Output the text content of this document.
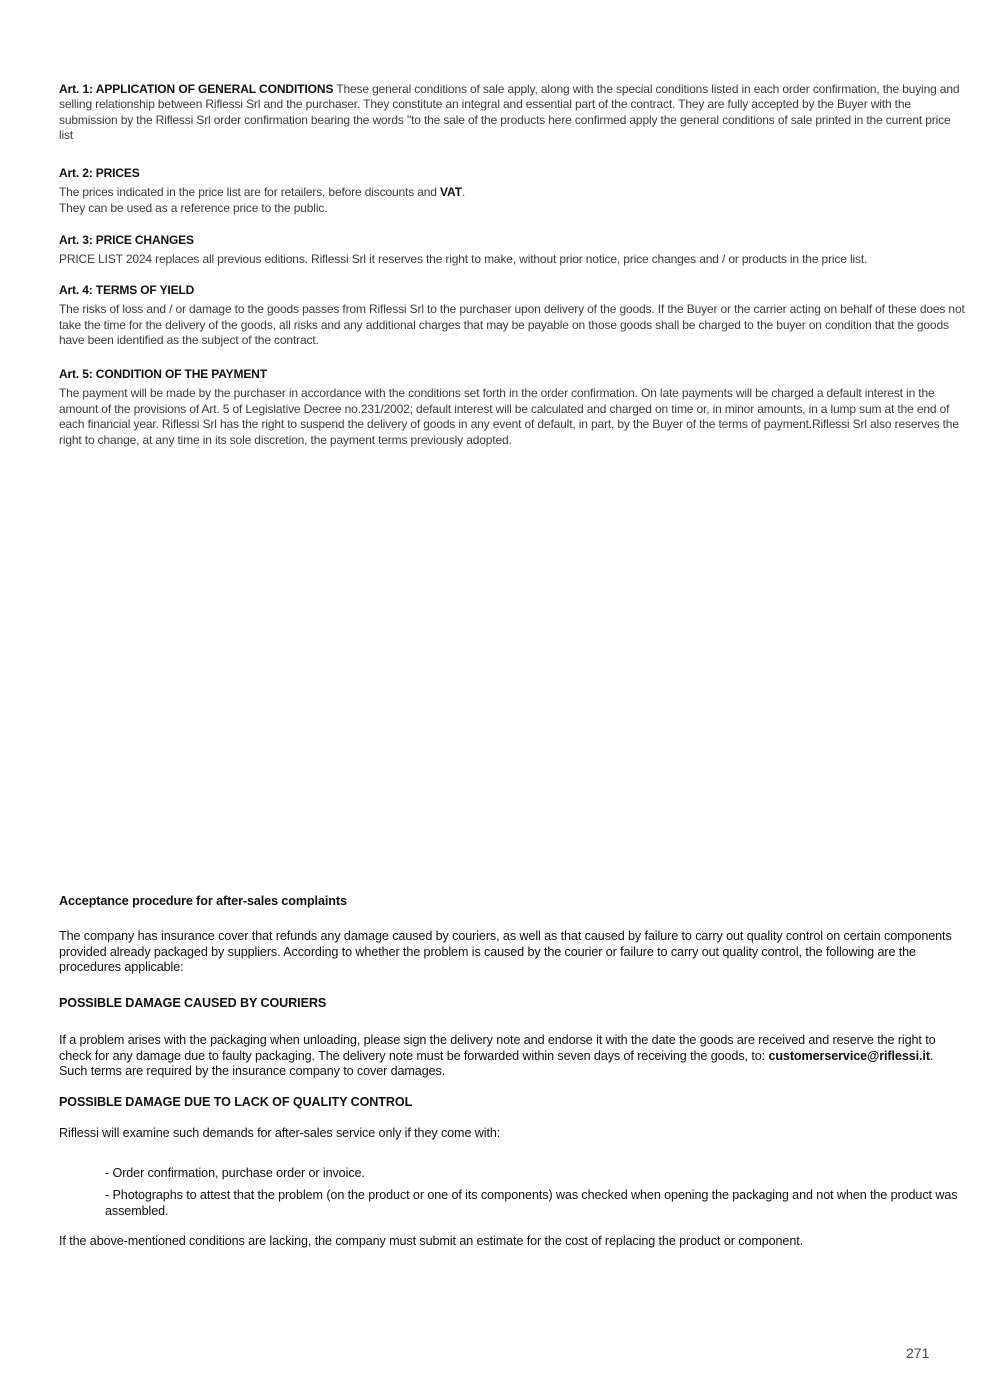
Art. 1: APPLICATION OF GENERAL CONDITIONS These general conditions of sale apply, along with the special conditions listed in each order confirmation, the buying and selling relationship between Riflessi Srl and the purchaser. They constitute an integral and essential part of the contract. They are fully accepted by the Buyer with the submission by the Riflessi Srl order confirmation bearing the words "to the sale of the products here confirmed apply the general conditions of sale printed in the current price list

Art. 2: PRICES

The prices indicated in the price list are for retailers, before discounts and VAT.

They can be used as a reference price to the public.

Art. 3: PRICE CHANGES

PRICE LIST 2024 replaces all previous editions. Riflessi Srl it reserves the right to make, without prior notice, price changes and / or products in the price list.

Art. 4: TERMS OF YIELD

The risks of loss and / or damage to the goods passes from Riflessi Srl to the purchaser upon delivery of the goods. If the Buyer or the carrier acting on behalf of these does not take the time for the delivery of the goods, all risks and any additional charges that may be payable on those goods shall be charged to the buyer on condition that the goods have been identified as the subject of the contract.

Art. 5: CONDITION OF THE PAYMENT

The payment will be made by the purchaser in accordance with the conditions set forth in the order confirmation. On late payments will be charged a default interest in the amount of the provisions of Art. 5 of Legislative Decree no.231/2002; default interest will be calculated and charged on time or, in minor amounts, in a lump sum at the end of each financial year. Riflessi Srl has the right to suspend the delivery of goods in any event of default, in part, by the Buyer of the terms of payment.Riflessi Srl also reserves the right to change, at any time in its sole discretion, the payment terms previously adopted.

Acceptance procedure for after-sales complaints

The company has insurance cover that refunds any damage caused by couriers, as well as that caused by failure to carry out quality control on certain components provided already packaged by suppliers. According to whether the problem is caused by the courier or failure to carry out quality control, the following are the procedures applicable:

POSSIBLE DAMAGE CAUSED BY COURIERS

If a problem arises with the packaging when unloading, please sign the delivery note and endorse it with the date the goods are received and reserve the right to check for any damage due to faulty packaging. The delivery note must be forwarded within seven days of receiving the goods, to: customerservice@riflessi.it. Such terms are required by the insurance company to cover damages.

POSSIBLE DAMAGE DUE TO LACK OF QUALITY CONTROL

Riflessi will examine such demands for after-sales service only if they come with:

- Order confirmation, purchase order or invoice.

- Photographs to attest that the problem (on the product or one of its components) was checked when opening the packaging and not when the product was assembled.

If the above-mentioned conditions are lacking, the company must submit an estimate for the cost of replacing the product or component.

271
